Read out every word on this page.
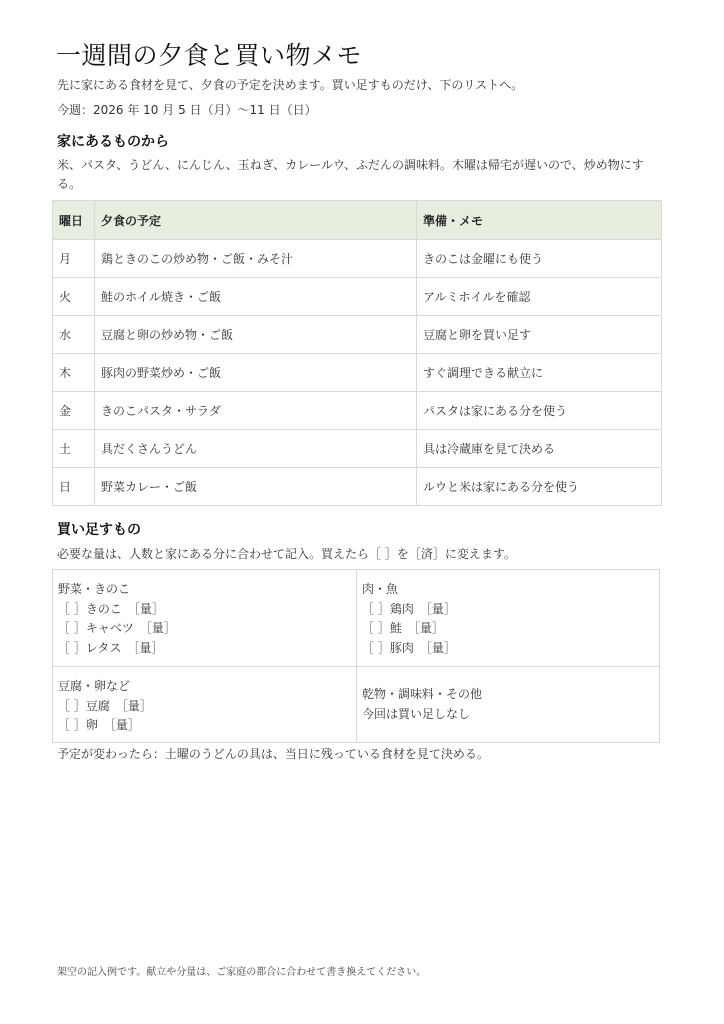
一週間の夕食と買い物メモ
先に家にある食材を見て、夕食の予定を決めます。買い足すものだけ、下のリストへ。
今週：2026 年 10 月 5 日（月）〜11 日（日）
家にあるものから
米、パスタ、うどん、にんじん、玉ねぎ、カレールウ、ふだんの調味料。木曜は帰宅が遅いので、炒め物にする。
曜日	夕食の予定	準備・メモ
月	鶏ときのこの炒め物・ご飯・みそ汁	きのこは金曜にも使う
火	鮭のホイル焼き・ご飯	アルミホイルを確認
水	豆腐と卵の炒め物・ご飯	豆腐と卵を買い足す
木	豚肉の野菜炒め・ご飯	すぐ調理できる献立に
金	きのこパスタ・サラダ	パスタは家にある分を使う
土	具だくさんうどん	具は冷蔵庫を見て決める
日	野菜カレー・ご飯	ルウと米は家にある分を使う
買い足すもの
必要な量は、人数と家にある分に合わせて記入。買えたら［ ］を［済］に変えます。
野菜・きのこ
［ ］きのこ　［量］
［ ］キャベツ　［量］
［ ］レタス　［量］
肉・魚
［ ］鶏肉　［量］
［ ］鮭　［量］
［ ］豚肉　［量］
豆腐・卵など
［ ］豆腐　［量］
［ ］卵　［量］
乾物・調味料・その他
今回は買い足しなし
予定が変わったら：土曜のうどんの具は、当日に残っている食材を見て決める。
架空の記入例です。献立や分量は、ご家庭の都合に合わせて書き換えてください。
